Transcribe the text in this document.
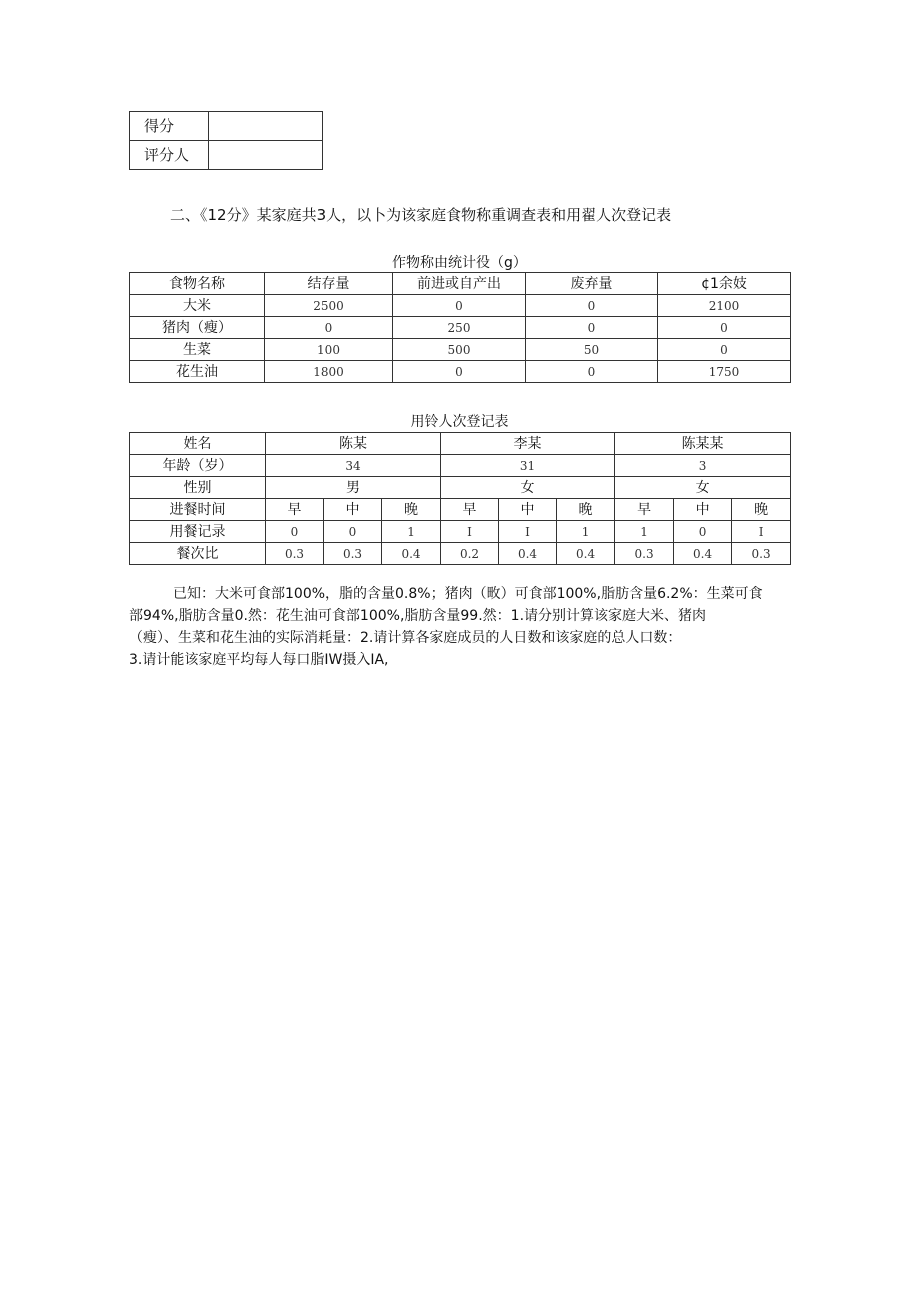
得分	
评分人	
二、《12分》某家庭共3人，以卜为该家庭食物称重调查表和用翟人次登记表
作物称由统计役（g）
食物名称	结存量	前进或自产出	废弃量	¢1余妓
大米	2500	0	0	2100
猪肉（瘦）	0	250	0	0
生菜	100	500	50	0
花生油	1800	0	0	1750
用铃人次登记表
姓名	陈某			李某			陈某某		
年龄（岁）	34			31			3		
性别	男			女			女		
进餐时间	早	中	晚	早	中	晚	早	中	晚
用餐记录	0	0	1	I	I	1	1	0	I
餐次比	0.3	0.3	0.4	0.2	0.4	0.4	0.3	0.4	0.3

已知：大米可食部100%，脂的含量0.8%；猪肉（畋）可食部100%,脂肪含量6.2%：生菜可食

部94%,脂肪含量0.然：花生油可食部100%,脂肪含量99.然：1.请分别计算该家庭大米、猪肉

（瘦）、生菜和花生油的实际消耗量：2.请计算各家庭成员的人日数和该家庭的总人口数：

3.请计能该家庭平均每人每口脂IW摄入IA,
